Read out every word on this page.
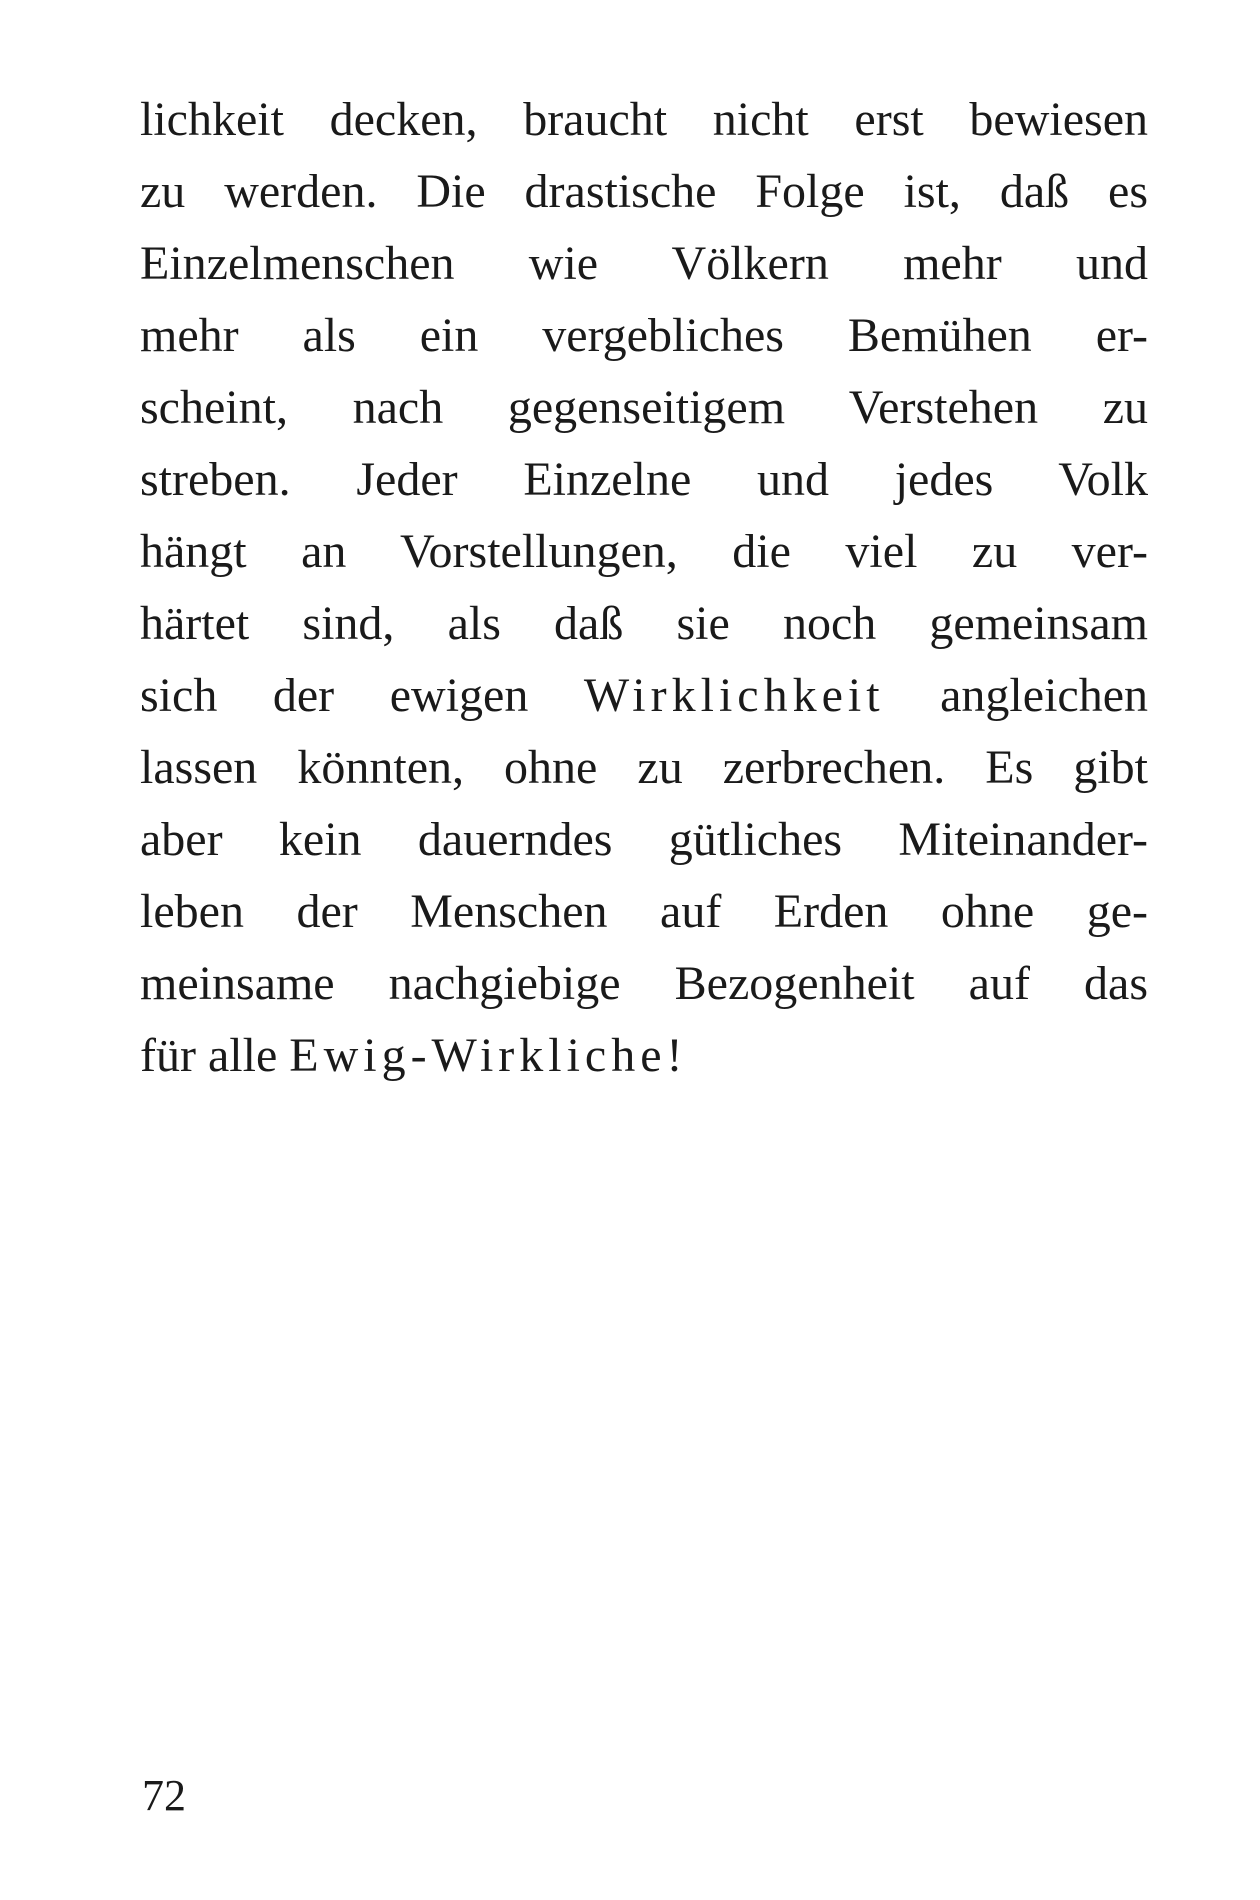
lichkeit decken, braucht nicht erst bewiesen
zu werden. Die drastische Folge ist, daß es
Einzelmenschen wie Völkern mehr und
mehr als ein vergebliches Bemühen er-
scheint, nach gegenseitigem Verstehen zu
streben. Jeder Einzelne und jedes Volk
hängt an Vorstellungen, die viel zu ver-
härtet sind, als daß sie noch gemeinsam
sich der ewigen Wirklichkeit angleichen
lassen könnten, ohne zu zerbrechen. Es gibt
aber kein dauerndes gütliches Miteinander-
leben der Menschen auf Erden ohne ge-
meinsame nachgiebige Bezogenheit auf das
für alle Ewig-Wirkliche!
72
